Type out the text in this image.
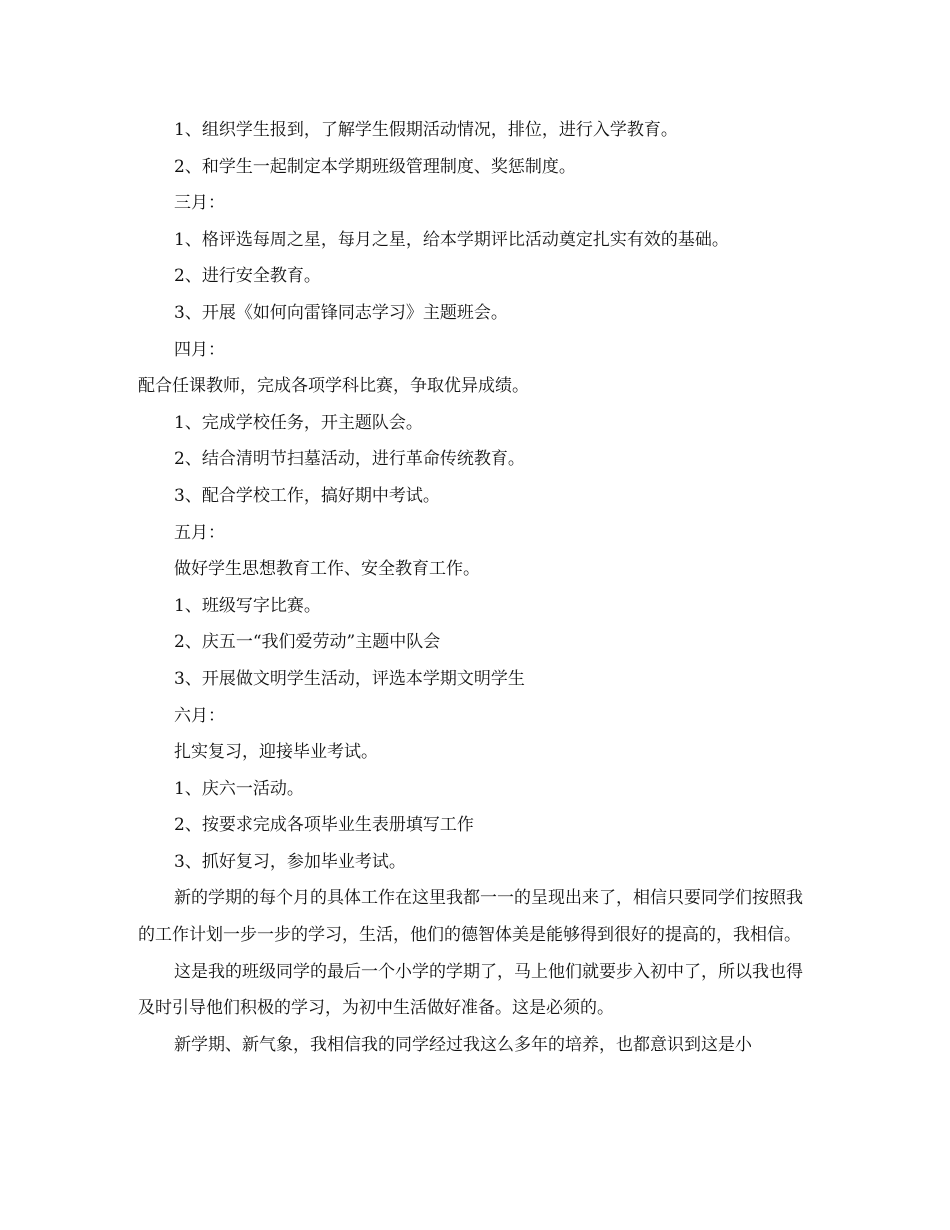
1、组织学生报到，了解学生假期活动情况，排位，进行入学教育。
2、和学生一起制定本学期班级管理制度、奖惩制度。
三月：
1、格评选每周之星，每月之星，给本学期评比活动奠定扎实有效的基础。
2、进行安全教育。
3、开展《如何向雷锋同志学习》主题班会。
四月：
配合任课教师，完成各项学科比赛，争取优异成绩。
1、完成学校任务，开主题队会。
2、结合清明节扫墓活动，进行革命传统教育。
3、配合学校工作，搞好期中考试。
五月：
做好学生思想教育工作、安全教育工作。
1、班级写字比赛。
2、庆五一“我们爱劳动”主题中队会
3、开展做文明学生活动，评选本学期文明学生
六月：
扎实复习，迎接毕业考试。
1、庆六一活动。
2、按要求完成各项毕业生表册填写工作
3、抓好复习，参加毕业考试。
新的学期的每个月的具体工作在这里我都一一的呈现出来了，相信只要同学们按照我的工作计划一步一步的学习，生活，他们的德智体美是能够得到很好的提高的，我相信。
这是我的班级同学的最后一个小学的学期了，马上他们就要步入初中了，所以我也得及时引导他们积极的学习，为初中生活做好准备。这是必须的。
新学期、新气象，我相信我的同学经过我这么多年的培养，也都意识到这是小
